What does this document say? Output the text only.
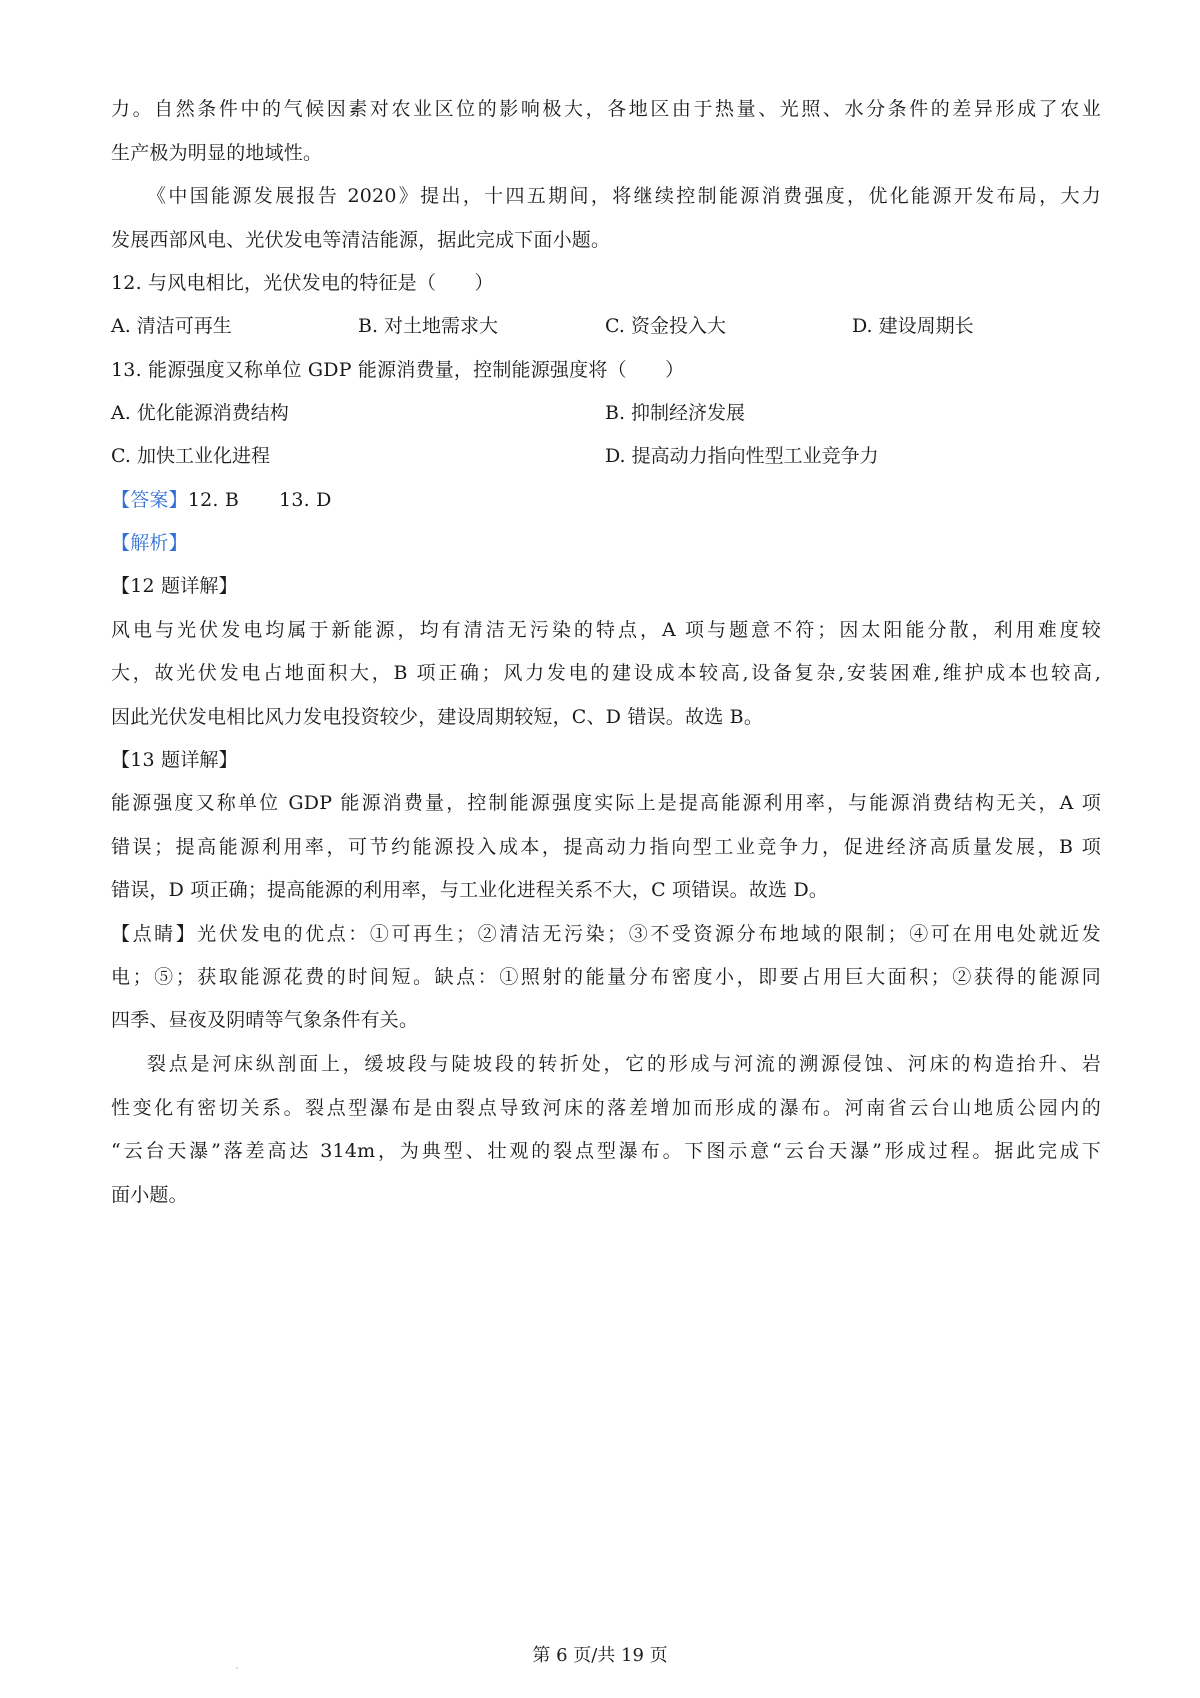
力。自然条件中的气候因素对农业区位的影响极大，各地区由于热量、光照、水分条件的差异形成了农业
生产极为明显的地域性。
《中国能源发展报告 2020》提出，十四五期间，将继续控制能源消费强度，优化能源开发布局，大力
发展西部风电、光伏发电等清洁能源，据此完成下面小题。
12. 与风电相比，光伏发电的特征是（　　）
A. 清洁可再生	B. 对土地需求大	C. 资金投入大	D. 建设周期长
13. 能源强度又称单位 GDP 能源消费量，控制能源强度将（　　）
A. 优化能源消费结构	B. 抑制经济发展
C. 加快工业化进程	D. 提高动力指向性型工业竞争力
【答案】12. B 13. D
【解析】
【12 题详解】
风电与光伏发电均属于新能源，均有清洁无污染的特点，A 项与题意不符；因太阳能分散，利用难度较
大，故光伏发电占地面积大，B 项正确；风力发电的建设成本较高,设备复杂,安装困难,维护成本也较高,
因此光伏发电相比风力发电投资较少，建设周期较短，C、D 错误。故选 B。
【13 题详解】
能源强度又称单位 GDP 能源消费量，控制能源强度实际上是提高能源利用率，与能源消费结构无关，A 项
错误；提高能源利用率，可节约能源投入成本，提高动力指向型工业竞争力，促进经济高质量发展，B 项
错误，D 项正确；提高能源的利用率，与工业化进程关系不大，C 项错误。故选 D。
【点睛】光伏发电的优点：①可再生；②清洁无污染；③不受资源分布地域的限制；④可在用电处就近发
电；⑤；获取能源花费的时间短。缺点：①照射的能量分布密度小，即要占用巨大面积；②获得的能源同
四季、昼夜及阴晴等气象条件有关。
裂点是河床纵剖面上，缓坡段与陡坡段的转折处，它的形成与河流的溯源侵蚀、河床的构造抬升、岩
性变化有密切关系。裂点型瀑布是由裂点导致河床的落差增加而形成的瀑布。河南省云台山地质公园内的
“云台天瀑”落差高达 314m，为典型、壮观的裂点型瀑布。下图示意“云台天瀑”形成过程。据此完成下
面小题。
第 6 页/共 19 页
